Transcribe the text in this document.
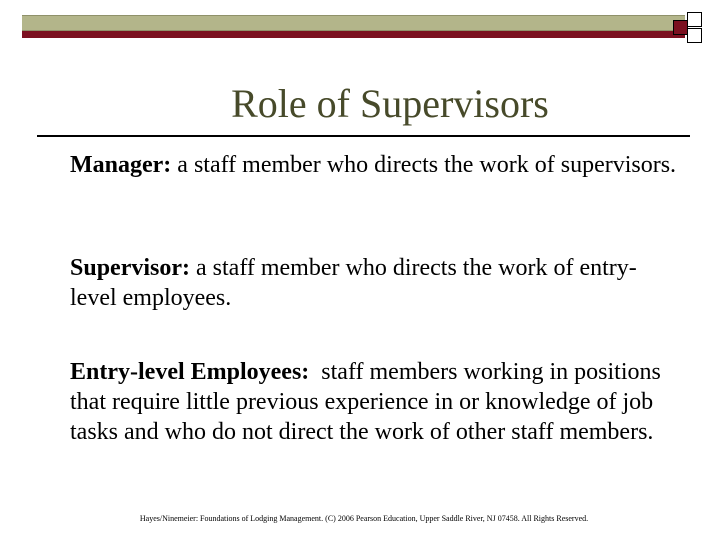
Role of Supervisors
Manager: a staff member who directs the work of supervisors.
Supervisor: a staff member who directs the work of entry-level employees.
Entry-level Employees:  staff members working in positions that require little previous experience in or knowledge of job tasks and who do not direct the work of other staff members.
Hayes/Ninemeier: Foundations of Lodging Management. (C) 2006 Pearson Education, Upper Saddle River, NJ 07458. All Rights Reserved.
